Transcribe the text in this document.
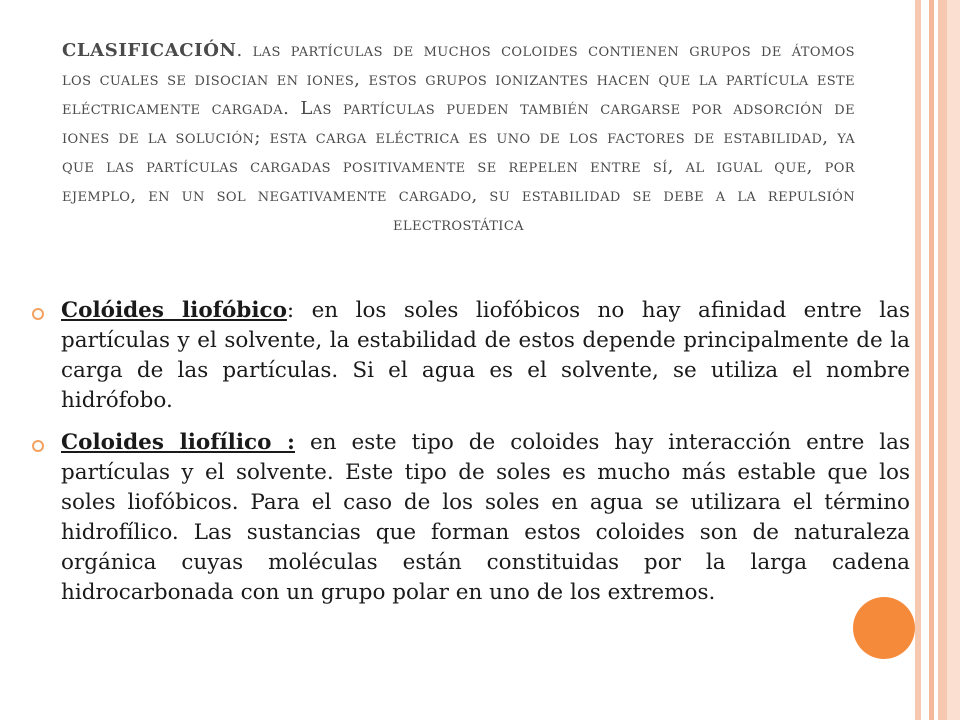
CLASIFICACIÓN. las partículas de muchos coloides contienen grupos de átomos los cuales se disocian en iones, estos grupos ionizantes hacen que la partícula este eléctricamente cargada. Las partículas pueden también cargarse por adsorción de iones de la solución; esta carga eléctrica es uno de los factores de estabilidad, ya que las partículas cargadas positivamente se repelen entre sí, al igual que, por ejemplo, en un sol negativamente cargado, su estabilidad se debe a la repulsión electrostática
Colóides liofóbico: en los soles liofóbicos no hay afinidad entre las partículas y el solvente, la estabilidad de estos depende principalmente de la carga de las partículas. Si el agua es el solvente, se utiliza el nombre hidrófobo.
Coloides liofílico : en este tipo de coloides hay interacción entre las partículas y el solvente. Este tipo de soles es mucho más estable que los soles liofóbicos. Para el caso de los soles en agua se utilizara el término hidrofílico. Las sustancias que forman estos coloides son de naturaleza orgánica cuyas moléculas están constituidas por la larga cadena hidrocarbonada con un grupo polar en uno de los extremos.
